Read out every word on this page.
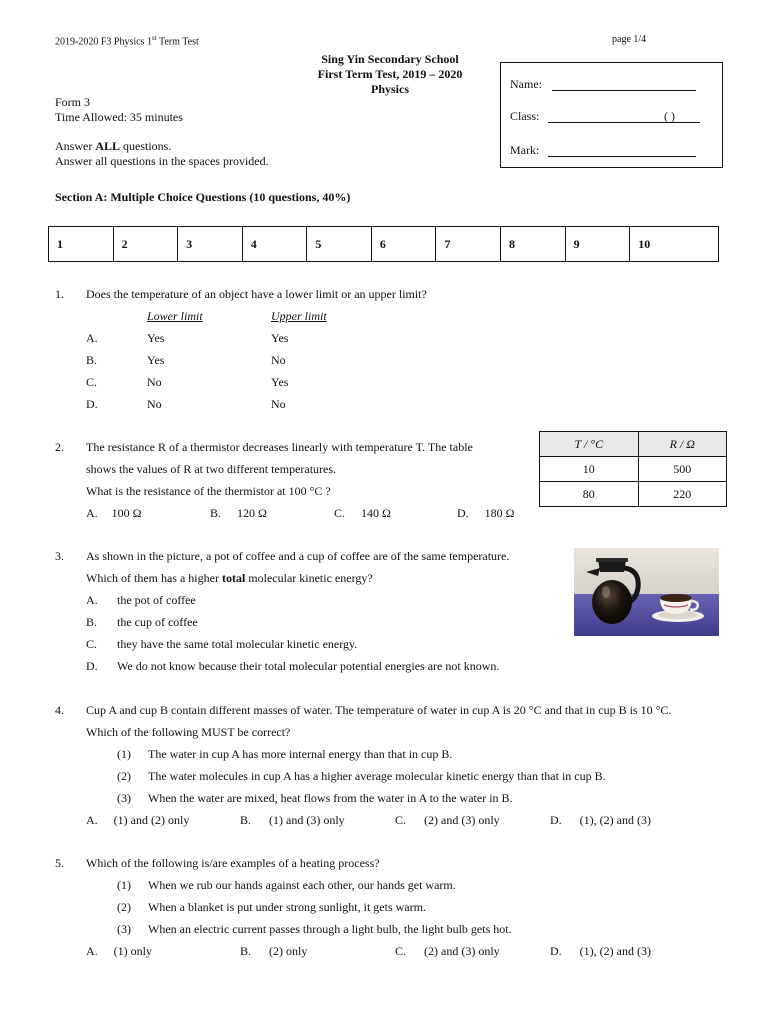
2019-2020 F3 Physics 1st Term Test	page 1/4
Sing Yin Secondary School
First Term Test, 2019 – 2020
Physics
Form 3
Time Allowed: 35 minutes
Answer ALL questions.
Answer all questions in the spaces provided.
Name:
Class:	( )
Mark:
Section A: Multiple Choice Questions (10 questions, 40%)
1	2	3	4	5	6	7	8	9	10
1. Does the temperature of an object have a lower limit or an upper limit?
Lower limit	Upper limit
A.	Yes	Yes
B.	Yes	No
C.	No	Yes
D.	No	No
2. The resistance R of a thermistor decreases linearly with temperature T. The table
shows the values of R at two different temperatures.
What is the resistance of the thermistor at 100 °C ?
A. 100 Ω	B. 120 Ω	C. 140 Ω	D. 180 Ω
T / °C	R / Ω
10	500
80	220
3. As shown in the picture, a pot of coffee and a cup of coffee are of the same temperature.
Which of them has a higher total molecular kinetic energy?
A. the pot of coffee
B. the cup of coffee
C. they have the same total molecular kinetic energy.
D. We do not know because their total molecular potential energies are not known.
4. Cup A and cup B contain different masses of water. The temperature of water in cup A is 20 °C and that in cup B is 10 °C.
Which of the following MUST be correct?
(1) The water in cup A has more internal energy than that in cup B.
(2) The water molecules in cup A has a higher average molecular kinetic energy than that in cup B.
(3) When the water are mixed, heat flows from the water in A to the water in B.
A. (1) and (2) only	B. (1) and (3) only	C. (2) and (3) only	D. (1), (2) and (3)
5. Which of the following is/are examples of a heating process?
(1) When we rub our hands against each other, our hands get warm.
(2) When a blanket is put under strong sunlight, it gets warm.
(3) When an electric current passes through a light bulb, the light bulb gets hot.
A. (1) only	B. (2) only	C. (2) and (3) only	D. (1), (2) and (3)
